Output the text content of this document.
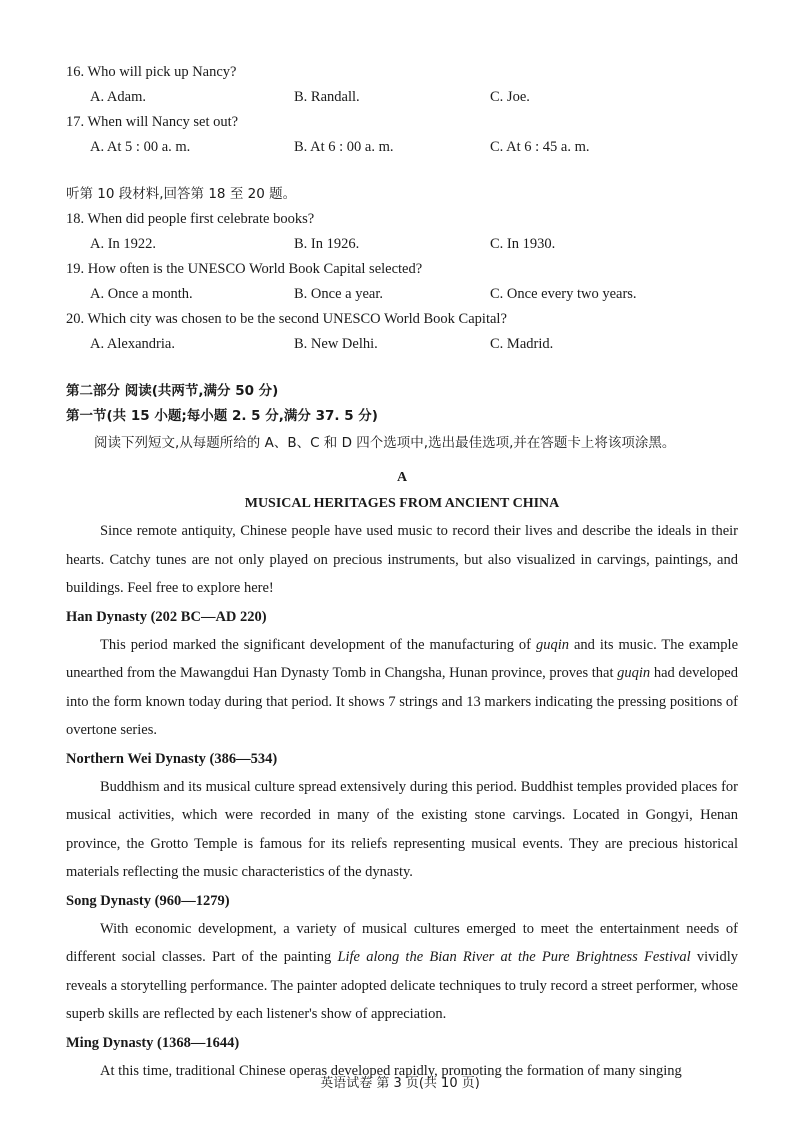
16. Who will pick up Nancy?
A. Adam.	B. Randall.	C. Joe.
17. When will Nancy set out?
A. At 5 : 00 a. m.	B. At 6 : 00 a. m.	C. At 6 : 45 a. m.
听第 10 段材料,回答第 18 至 20 题。
18. When did people first celebrate books?
A. In 1922.	B. In 1926.	C. In 1930.
19. How often is the UNESCO World Book Capital selected?
A. Once a month.	B. Once a year.	C. Once every two years.
20. Which city was chosen to be the second UNESCO World Book Capital?
A. Alexandria.	B. New Delhi.	C. Madrid.
第二部分 阅读(共两节,满分 50 分)
第一节(共 15 小题;每小题 2. 5 分,满分 37. 5 分)
阅读下列短文,从每题所给的 A、B、C 和 D 四个选项中,选出最佳选项,并在答题卡上将该项涂黑。
A
MUSICAL HERITAGES FROM ANCIENT CHINA

Since remote antiquity, Chinese people have used music to record their lives and describe the ideals in their hearts. Catchy tunes are not only played on precious instruments, but also visualized in carvings, paintings, and buildings. Feel free to explore here!

Han Dynasty (202 BC—AD 220)

This period marked the significant development of the manufacturing of guqin and its music. The example unearthed from the Mawangdui Han Dynasty Tomb in Changsha, Hunan province, proves that guqin had developed into the form known today during that period. It shows 7 strings and 13 markers indicating the pressing positions of overtone series.

Northern Wei Dynasty (386—534)

Buddhism and its musical culture spread extensively during this period. Buddhist temples provided places for musical activities, which were recorded in many of the existing stone carvings. Located in Gongyi, Henan province, the Grotto Temple is famous for its reliefs representing musical events. They are precious historical materials reflecting the music characteristics of the dynasty.

Song Dynasty (960—1279)

With economic development, a variety of musical cultures emerged to meet the entertainment needs of different social classes. Part of the painting Life along the Bian River at the Pure Brightness Festival vividly reveals a storytelling performance. The painter adopted delicate techniques to truly record a street performer, whose superb skills are reflected by each listener's show of appreciation.

Ming Dynasty (1368—1644)

At this time, traditional Chinese operas developed rapidly, promoting the formation of many singing

英语试卷 第 3 页(共 10 页)
